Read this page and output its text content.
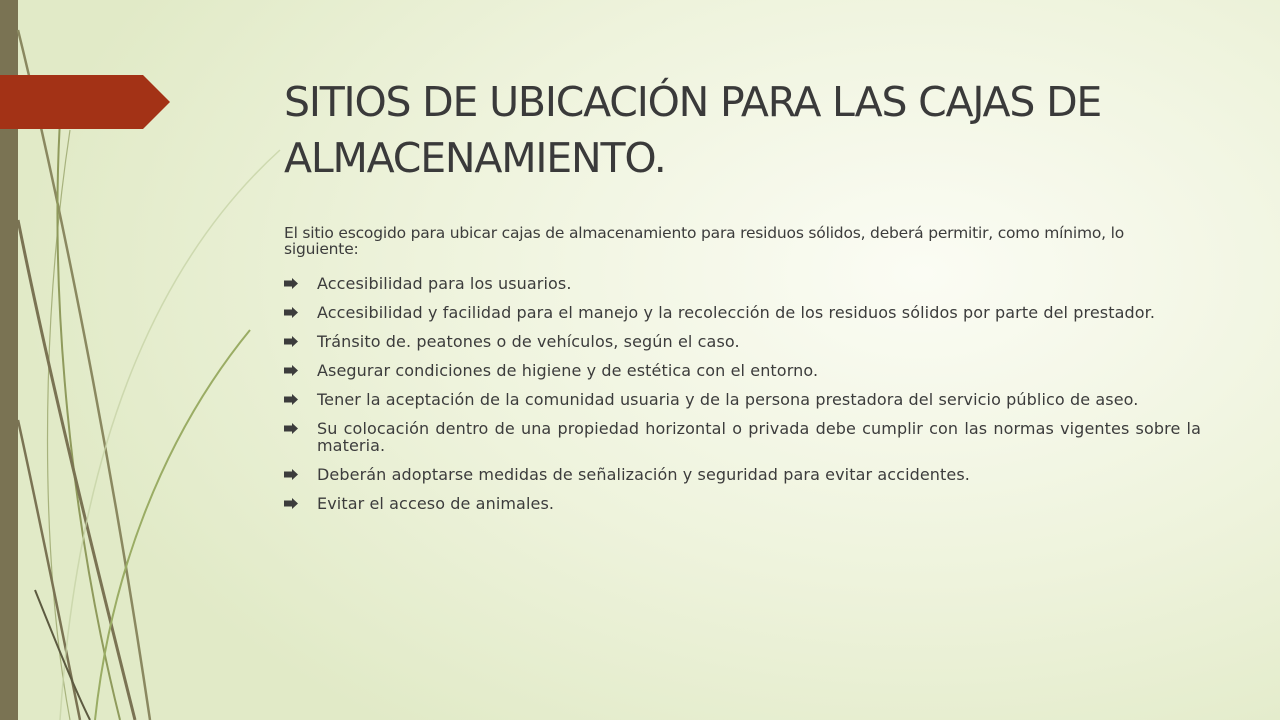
SITIOS DE UBICACIÓN PARA LAS CAJAS DE ALMACENAMIENTO.

El sitio escogido para ubicar cajas de almacenamiento para residuos sólidos, deberá permitir, como mínimo, lo siguiente:

Accesibilidad para los usuarios.
Accesibilidad y facilidad para el manejo y la recolección de los residuos sólidos por parte del prestador.
Tránsito de. peatones o de vehículos, según el caso.
Asegurar condiciones de higiene y de estética con el entorno.
Tener la aceptación de la comunidad usuaria y de la persona prestadora del servicio público de aseo.
Su colocación dentro de una propiedad horizontal o privada debe cumplir con las normas vigentes sobre la materia.
Deberán adoptarse medidas de señalización y seguridad para evitar accidentes.
Evitar el acceso de animales.
